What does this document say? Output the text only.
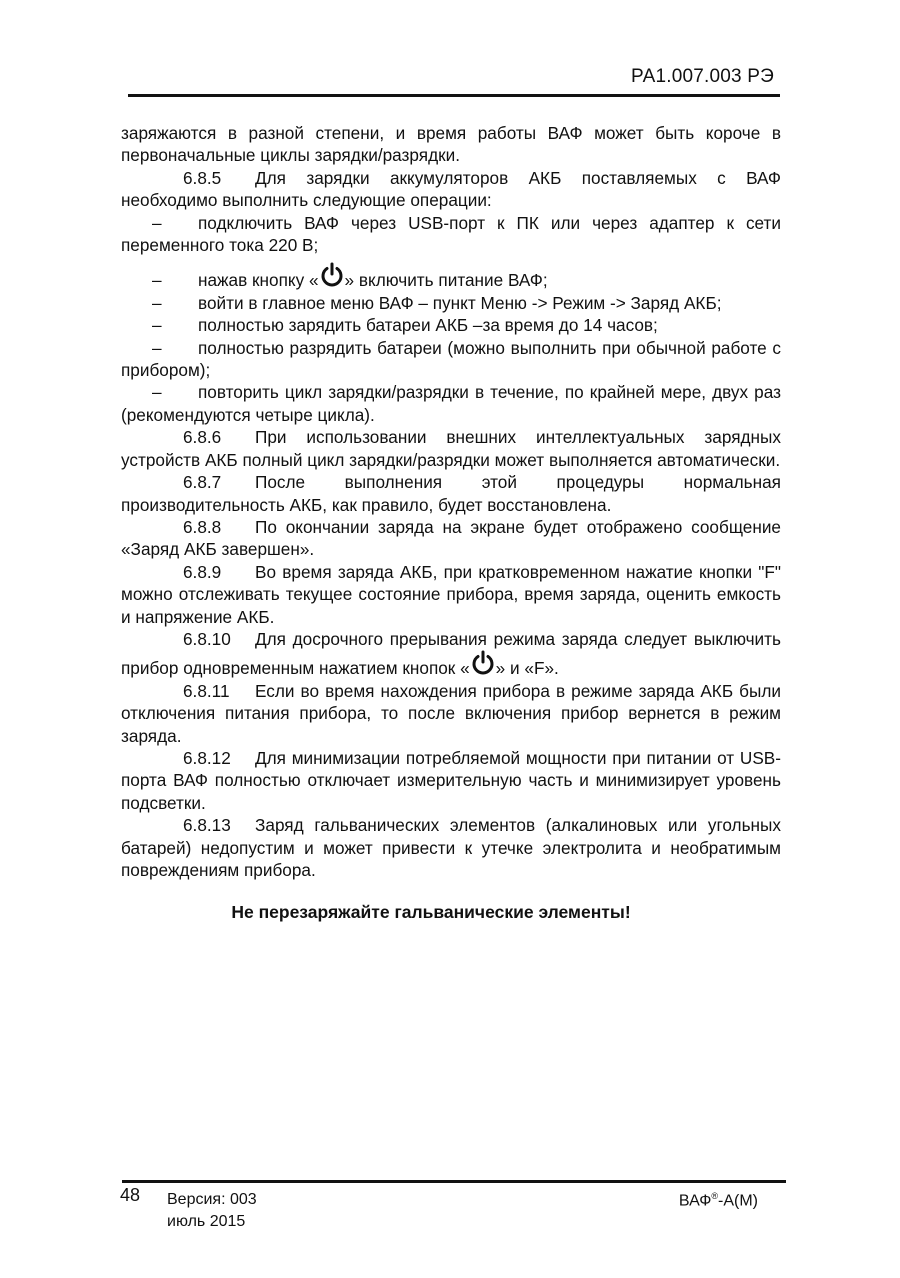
РА1.007.003 РЭ

заряжаются в разной степени, и время работы ВАФ может быть короче в первоначальные циклы зарядки/разрядки.

6.8.5 Для зарядки аккумуляторов АКБ поставляемых с ВАФ необходимо выполнить следующие операции:

– подключить ВАФ через USB-порт к ПК или через адаптер к сети переменного тока 220 В;

– нажав кнопку « » включить питание ВАФ;

– войти в главное меню ВАФ – пункт Меню -> Режим -> Заряд АКБ;

– полностью зарядить батареи АКБ –за время до 14 часов;

– полностью разрядить батареи (можно выполнить при обычной работе с прибором);

– повторить цикл зарядки/разрядки в течение, по крайней мере, двух раз (рекомендуются четыре цикла).

6.8.6 При использовании внешних интеллектуальных зарядных устройств АКБ полный цикл зарядки/разрядки может выполняется автоматически.

6.8.7 После выполнения этой процедуры нормальная производительность АКБ, как правило, будет восстановлена.

6.8.8 По окончании заряда на экране будет отображено сообщение «Заряд АКБ завершен».

6.8.9 Во время заряда АКБ, при кратковременном нажатие кнопки "F" можно отслеживать текущее состояние прибора, время заряда, оценить емкость и напряжение АКБ.

6.8.10 Для досрочного прерывания режима заряда следует выключить прибор одновременным нажатием кнопок « » и «F».

6.8.11 Если во время нахождения прибора в режиме заряда АКБ были отключения питания прибора, то после включения прибор вернется в режим заряда.

6.8.12 Для минимизации потребляемой мощности при питании от USB-порта ВАФ полностью отключает измерительную часть и минимизирует уровень подсветки.

6.8.13 Заряд гальванических элементов (алкалиновых или угольных батарей) недопустим и может привести к утечке электролита и необратимым повреждениям прибора.

Не перезаряжайте гальванические элементы!

48 Версия: 003
июль 2015
ВАФ®-А(М)
